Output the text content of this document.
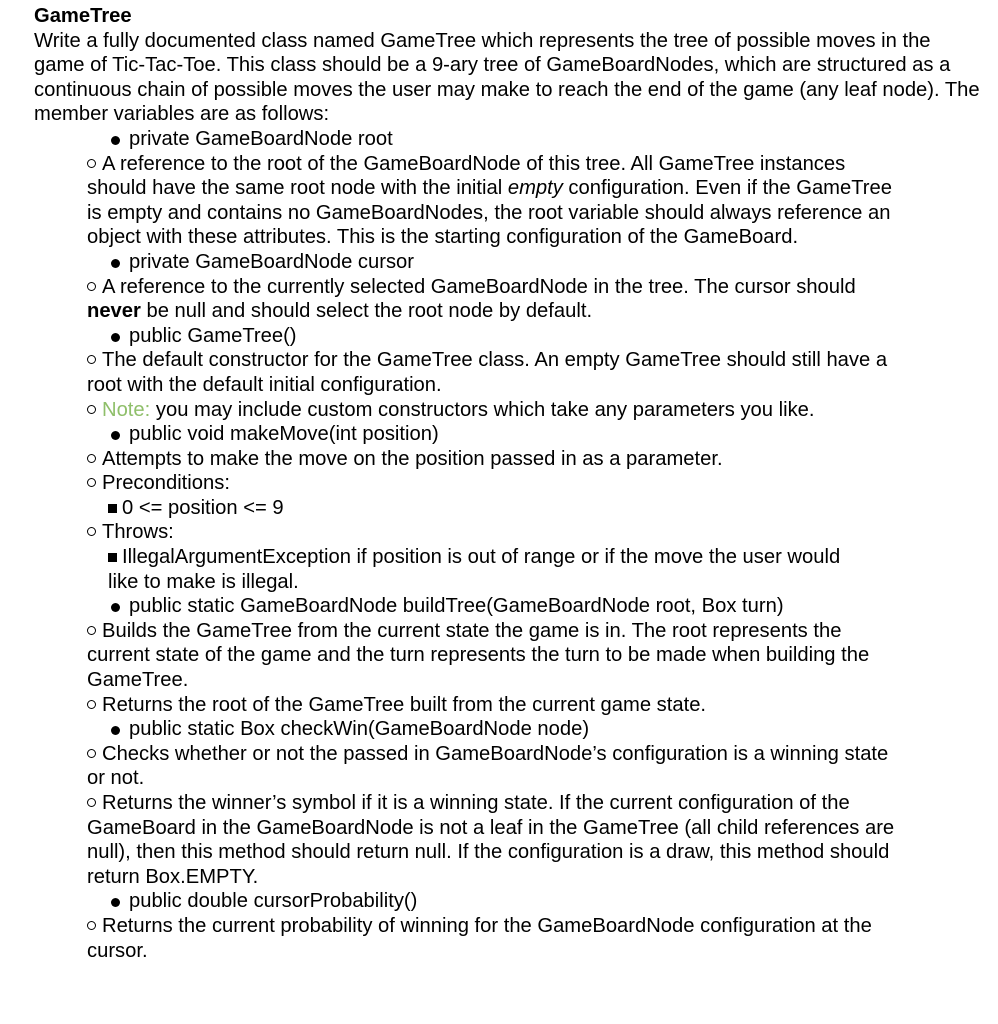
GameTree
Write a fully documented class named GameTree which represents the tree of possible moves in the game of Tic-Tac-Toe. This class should be a 9-ary tree of GameBoardNodes, which are structured as a continuous chain of possible moves the user may make to reach the end of the game (any leaf node). The member variables are as follows:
private GameBoardNode root
A reference to the root of the GameBoardNode of this tree. All GameTree instances should have the same root node with the initial empty configuration. Even if the GameTree is empty and contains no GameBoardNodes, the root variable should always reference an object with these attributes. This is the starting configuration of the GameBoard.
private GameBoardNode cursor
A reference to the currently selected GameBoardNode in the tree. The cursor should never be null and should select the root node by default.
public GameTree()
The default constructor for the GameTree class. An empty GameTree should still have a root with the default initial configuration.
Note: you may include custom constructors which take any parameters you like.
public void makeMove(int position)
Attempts to make the move on the position passed in as a parameter.
Preconditions:
0 <= position <= 9
Throws:
IllegalArgumentException if position is out of range or if the move the user would like to make is illegal.
public static GameBoardNode buildTree(GameBoardNode root, Box turn)
Builds the GameTree from the current state the game is in. The root represents the current state of the game and the turn represents the turn to be made when building the GameTree.
Returns the root of the GameTree built from the current game state.
public static Box checkWin(GameBoardNode node)
Checks whether or not the passed in GameBoardNode’s configuration is a winning state or not.
Returns the winner’s symbol if it is a winning state. If the current configuration of the GameBoard in the GameBoardNode is not a leaf in the GameTree (all child references are null), then this method should return null. If the configuration is a draw, this method should return Box.EMPTY.
public double cursorProbability()
Returns the current probability of winning for the GameBoardNode configuration at the cursor.
